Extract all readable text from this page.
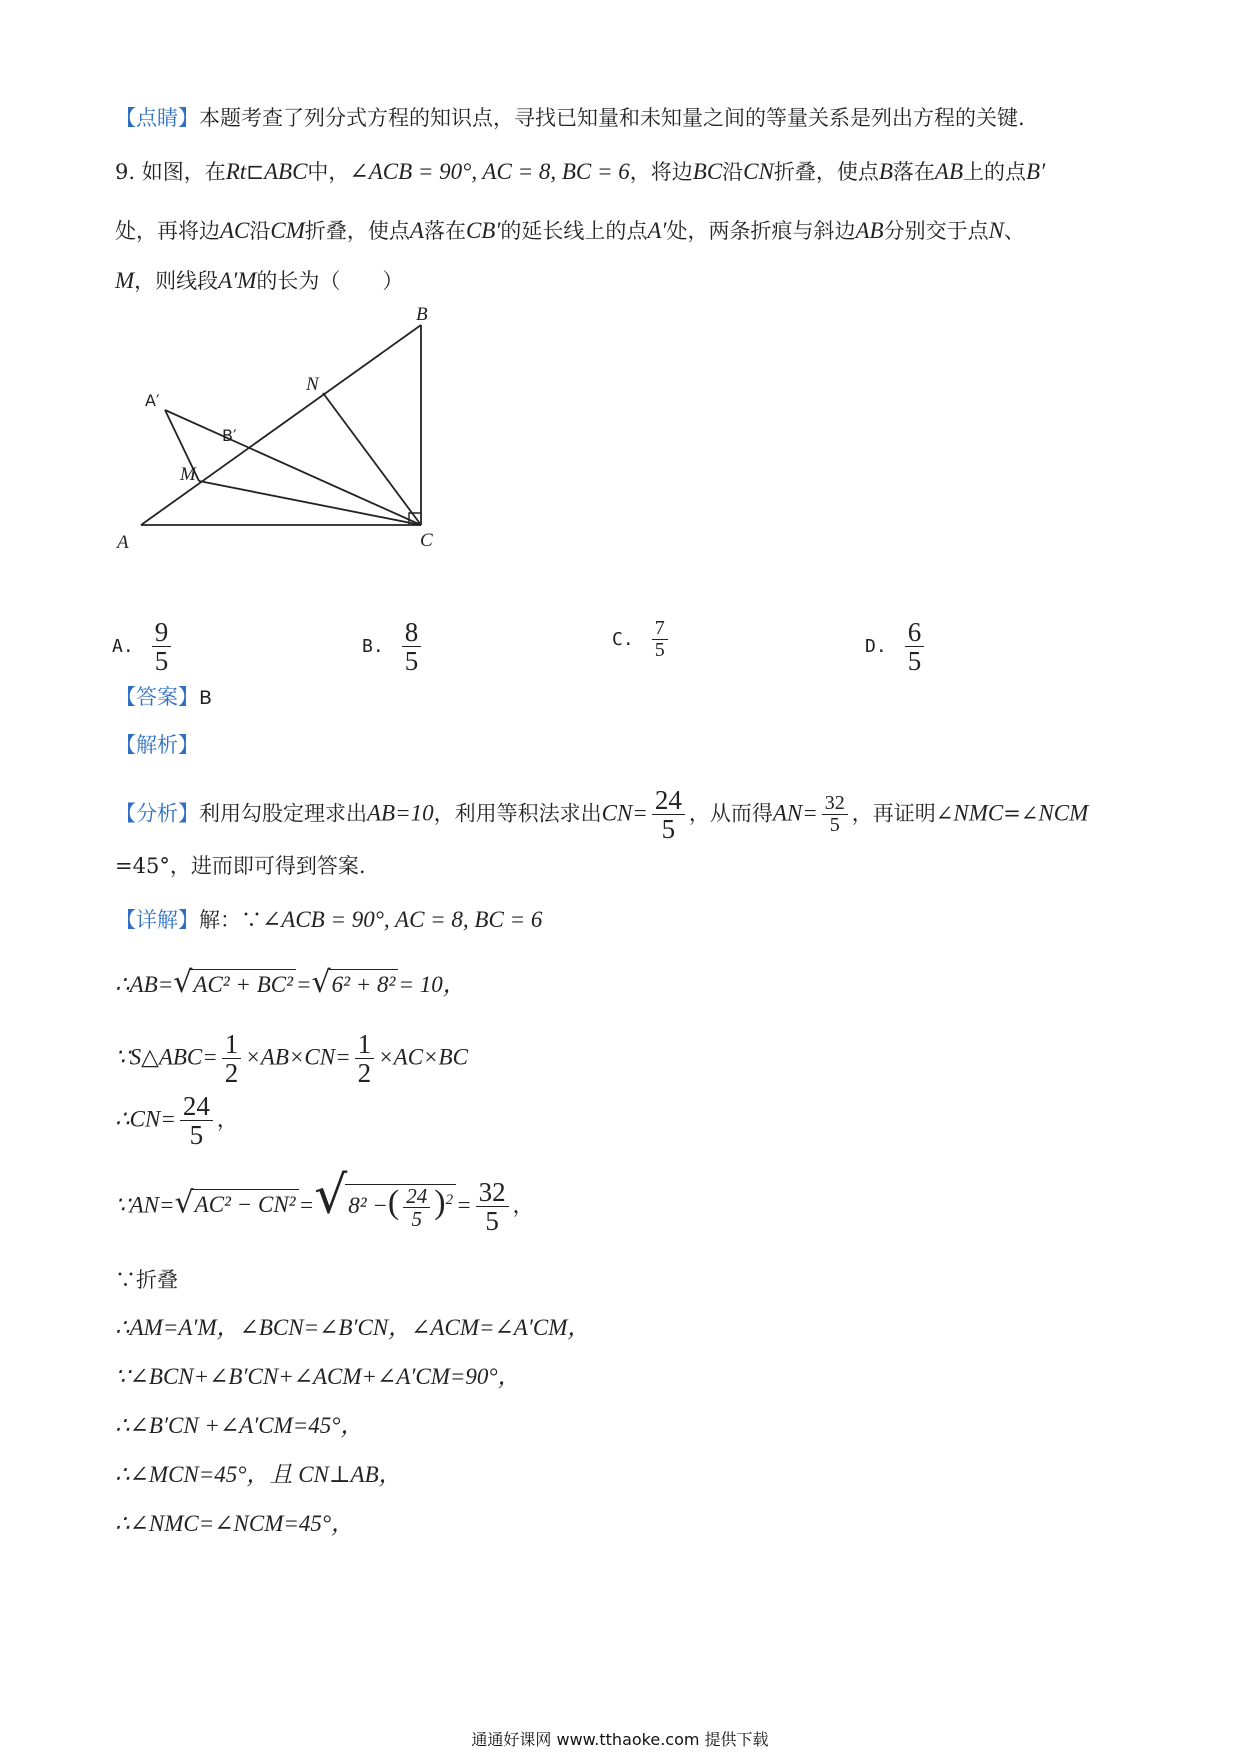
【点睛】本题考查了列分式方程的知识点，寻找已知量和未知量之间的等量关系是列出方程的关键.
9. 如图，在Rt⊏ABC中，∠ACB = 90°, AC = 8, BC = 6，将边BC沿CN折叠，使点B落在AB上的点B′
处，再将边AC沿CM折叠，使点A落在CB′的延长线上的点A′处，两条折痕与斜边AB分别交于点N、
M，则线段A′M的长为（　　）
B
C
A
N
M
A′
B′
A. $\frac{9}{5}$	B. $\frac{8}{5}$	C. $\frac{7}{5}$	D. $\frac{6}{5}$
【答案】B
【解析】
【分析】利用勾股定理求出AB=10，利用等积法求出$CN= \frac{24}{5}$ ，从而得$AN= \frac{32}{5}$ ，再证明∠NMC=∠NCM
=45°，进而即可得到答案.
【详解】解：∵∠ACB = 90°, AC = 8, BC = 6
∴AB=√AC² + BC² =√6² + 8² = 10，
∵S△ABC= $\frac{1}{2} \times AB\times CN= \frac{1}{2} \times AC\times BC$
∴CN= $\frac{24}{5}$ ，
∵AN=√AC² − CN² =√8² −( $\frac{24}{5} )^2 = \frac{32}{5}$ ，
∵折叠
∴AM=A′M，∠BCN=∠B′CN，∠ACM=∠A′CM，
∵∠BCN+∠B′CN+∠ACM+∠A′CM=90°，
∴∠B′CN +∠A′CM=45°，
∴∠MCN=45°，且 CN⊥AB，
∴∠NMC=∠NCM=45°，
通通好课网 www.tthaoke.com 提供下载
